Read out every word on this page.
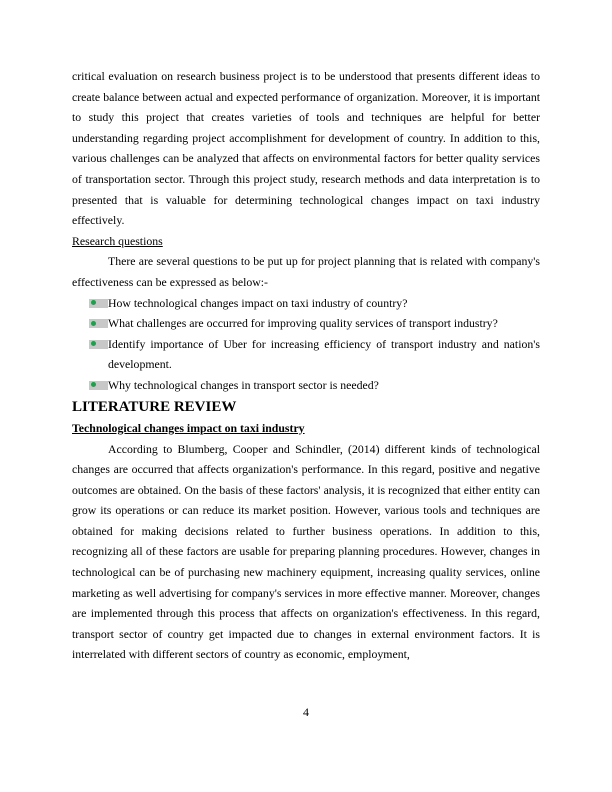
critical evaluation on research business project is to be understood that presents different ideas to create balance between actual and expected performance of organization. Moreover, it is important to study this project that creates varieties of tools and techniques are helpful for better understanding regarding project accomplishment for development of country. In addition to this, various challenges can be analyzed that affects on environmental factors for better quality services of transportation sector. Through this project study, research methods and data interpretation is to presented that is valuable for determining technological changes impact on taxi industry effectively.

Research questions

There are several questions to be put up for project planning that is related with company's effectiveness can be expressed as below:-

How technological changes impact on taxi industry of country?
What challenges are occurred for improving quality services of transport industry?
Identify importance of Uber for increasing efficiency of transport industry and nation's development.
Why technological changes in transport sector is needed?
LITERATURE REVIEW
Technological changes impact on taxi industry

According to Blumberg, Cooper and Schindler, (2014) different kinds of technological changes are occurred that affects organization's performance. In this regard, positive and negative outcomes are obtained. On the basis of these factors' analysis, it is recognized that either entity can grow its operations or can reduce its market position. However, various tools and techniques are obtained for making decisions related to further business operations. In addition to this, recognizing all of these factors are usable for preparing planning procedures. However, changes in technological can be of purchasing new machinery equipment, increasing quality services, online marketing as well advertising for company's services in more effective manner. Moreover, changes are implemented through this process that affects on organization's effectiveness. In this regard, transport sector of country get impacted due to changes in external environment factors. It is interrelated with different sectors of country as economic, employment,

4
